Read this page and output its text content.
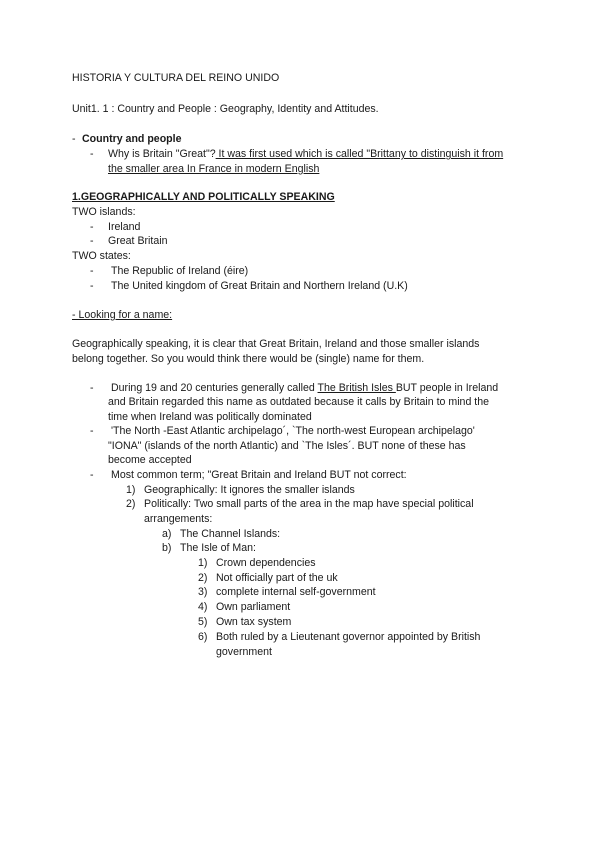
HISTORIA Y CULTURA DEL REINO UNIDO
Unit1. 1 : Country and People : Geography, Identity and Attitudes.
- Country and people
- Why is Britain "Great"? It was first used which is called "Brittany to distinguish it from
the smaller area In France in modern English
1.GEOGRAPHICALLY AND POLITICALLY SPEAKING
TWO islands:
- Ireland
- Great Britain
TWO states:
- The Republic of Ireland (éire)
- The United kingdom of Great Britain and Northern Ireland (U.K)
- Looking for a name:
Geographically speaking, it is clear that Great Britain, Ireland and those smaller islands
belong together. So you would think there would be (single) name for them.
- During 19 and 20 centuries generally called The British Isles BUT people in Ireland
and Britain regarded this name as outdated because it calls by Britain to mind the
time when Ireland was politically dominated
- 'The North -East Atlantic archipelago´, `The north-west European archipelago'
"IONA" (islands of the north Atlantic) and `The Isles´. BUT none of these has
become accepted
- Most common term; "Great Britain and Ireland BUT not correct:
1) Geographically: It ignores the smaller islands
2) Politically: Two small parts of the area in the map have special political
arrangements:
a) The Channel Islands:
b) The Isle of Man:
1) Crown dependencies
2) Not officially part of the uk
3) complete internal self-government
4) Own parliament
5) Own tax system
6) Both ruled by a Lieutenant governor appointed by British
government
